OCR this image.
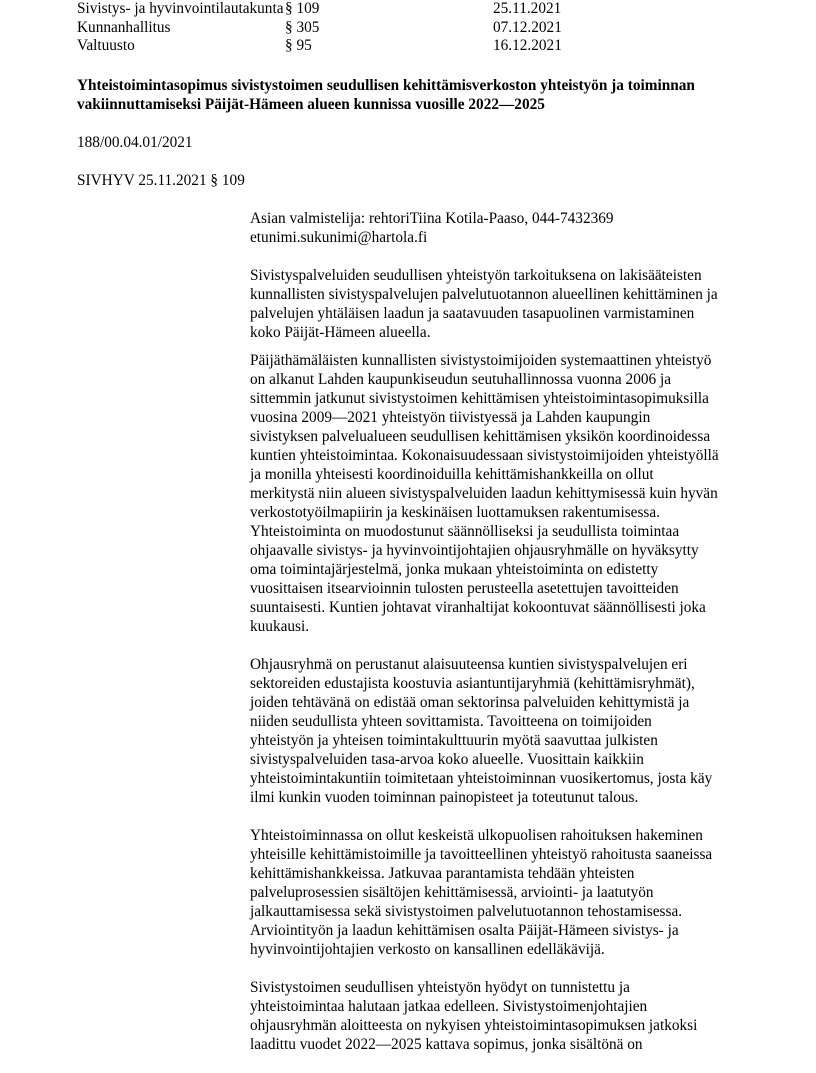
Sivistys- ja hyvinvointilautakunta § 109	25.11.2021
Kunnanhallitus	§ 305	07.12.2021
Valtuusto	§ 95	16.12.2021
Yhteistoimintasopimus sivistystoimen seudullisen kehittämisverkoston yhteistyön ja toiminnan
vakiinnuttamiseksi Päijät-Hämeen alueen kunnissa vuosille 2022—2025
188/00.04.01/2021
SIVHYV 25.11.2021 § 109

Asian valmistelija: rehtoriTiina Kotila-Paaso, 044-7432369
etunimi.sukunimi@hartola.fi

Sivistyspalveluiden seudullisen yhteistyön tarkoituksena on lakisääteisten
kunnallisten sivistyspalvelujen palvelutuotannon alueellinen kehittäminen ja
palvelujen yhtäläisen laadun ja saatavuuden tasapuolinen varmistaminen
koko Päijät-Hämeen alueella.

Päijäthämäläisten kunnallisten sivistystoimijoiden systemaattinen yhteistyö
on alkanut Lahden kaupunkiseudun seutuhallinnossa vuonna 2006 ja
sittemmin jatkunut sivistystoimen kehittämisen yhteistoimintasopimuksilla
vuosina 2009—2021 yhteistyön tiivistyessä ja Lahden kaupungin
sivistyksen palvelualueen seudullisen kehittämisen yksikön koordinoidessa
kuntien yhteistoimintaa. Kokonaisuudessaan sivistystoimijoiden yhteistyöllä
ja monilla yhteisesti koordinoiduilla kehittämishankkeilla on ollut
merkitystä niin alueen sivistyspalveluiden laadun kehittymisessä kuin hyvän
verkostotyöilmapiirin ja keskinäisen luottamuksen rakentumisessa.
Yhteistoiminta on muodostunut säännölliseksi ja seudullista toimintaa
ohjaavalle sivistys- ja hyvinvointijohtajien ohjausryhmälle on hyväksytty
oma toimintajärjestelmä, jonka mukaan yhteistoiminta on edistetty
vuosittaisen itsearvioinnin tulosten perusteella asetettujen tavoitteiden
suuntaisesti. Kuntien johtavat viranhaltijat kokoontuvat säännöllisesti joka
kuukausi.

Ohjausryhmä on perustanut alaisuuteensa kuntien sivistyspalvelujen eri
sektoreiden edustajista koostuvia asiantuntijaryhmiä (kehittämisryhmät),
joiden tehtävänä on edistää oman sektorinsa palveluiden kehittymistä ja
niiden seudullista yhteen sovittamista. Tavoitteena on toimijoiden
yhteistyön ja yhteisen toimintakulttuurin myötä saavuttaa julkisten
sivistyspalveluiden tasa-arvoa koko alueelle. Vuosittain kaikkiin
yhteistoimintakuntiin toimitetaan yhteistoiminnan vuosikertomus, josta käy
ilmi kunkin vuoden toiminnan painopisteet ja toteutunut talous.

Yhteistoiminnassa on ollut keskeistä ulkopuolisen rahoituksen hakeminen
yhteisille kehittämistoimille ja tavoitteellinen yhteistyö rahoitusta saaneissa
kehittämishankkeissa. Jatkuvaa parantamista tehdään yhteisten
palveluprosessien sisältöjen kehittämisessä, arviointi- ja laatutyön
jalkauttamisessa sekä sivistystoimen palvelutuotannon tehostamisessa.
Arviointityön ja laadun kehittämisen osalta Päijät-Hämeen sivistys- ja
hyvinvointijohtajien verkosto on kansallinen edelläkävijä.

Sivistystoimen seudullisen yhteistyön hyödyt on tunnistettu ja
yhteistoimintaa halutaan jatkaa edelleen. Sivistystoimenjohtajien
ohjausryhmän aloitteesta on nykyisen yhteistoimintasopimuksen jatkoksi
laadittu vuodet 2022—2025 kattava sopimus, jonka sisältönä on
